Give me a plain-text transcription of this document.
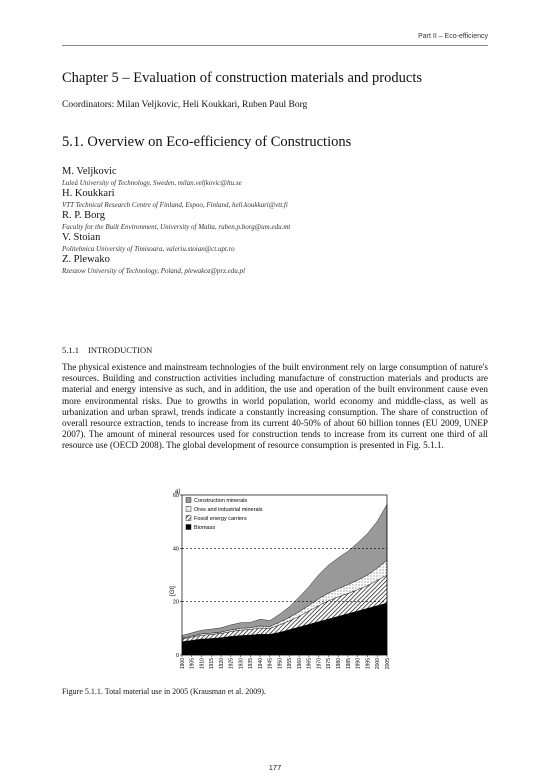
Part II – Eco-efficiency
Chapter 5 – Evaluation of construction materials and products
Coordinators: Milan Veljkovic, Heli Koukkari, Ruben Paul Borg
5.1. Overview on Eco-efficiency of Constructions
M. Veljkovic
Luleå University of Technology, Sweden, milan.veljkovic@ltu.se
H. Koukkari
VTT Technical Research Centre of Finland, Espoo, Finland, heli.koukkari@vtt.fi
R. P. Borg
Faculty for the Built Environment, University of Malta, ruben.p.borg@um.edu.mt
V. Stoian
Politehnica University of Timisoara, valeriu.stoian@ct.upt.ro
Z. Plewako
Rzeszow University of Technology, Poland, plewakoz@prz.edu.pl
5.1.1 INTRODUCTION
The physical existence and mainstream technologies of the built environment rely on large consumption of nature's resources. Building and construction activities including manufacture of construction materials and products are material and energy intensive as such, and in addition, the use and operation of the built environment cause even more environmental risks. Due to growths in world population, world economy and middle-class, as well as urbanization and urban sprawl, trends indicate a constantly increasing consumption. The share of construction of overall resource extraction, tends to increase from its current 40-50% of about 60 billion tonnes (EU 2009, UNEP 2007). The amount of mineral resources used for construction tends to increase from its current one third of all resource use (OECD 2008). The global development of resource consumption is presented in Fig. 5.1.1.
0
20
40
60
1900 1905 1910 1915 1920 1925 1930 1935 1940 1945 1950 1955 1960 1965 1970 1975 1980 1985 1990 1995 2000 2005
a)
[Gt]
Construction minerals
Ores and industrial minerals
Fossil energy carriers
Biomass
Figure 5.1.1. Total material use in 2005 (Krausman et al. 2009).
177
